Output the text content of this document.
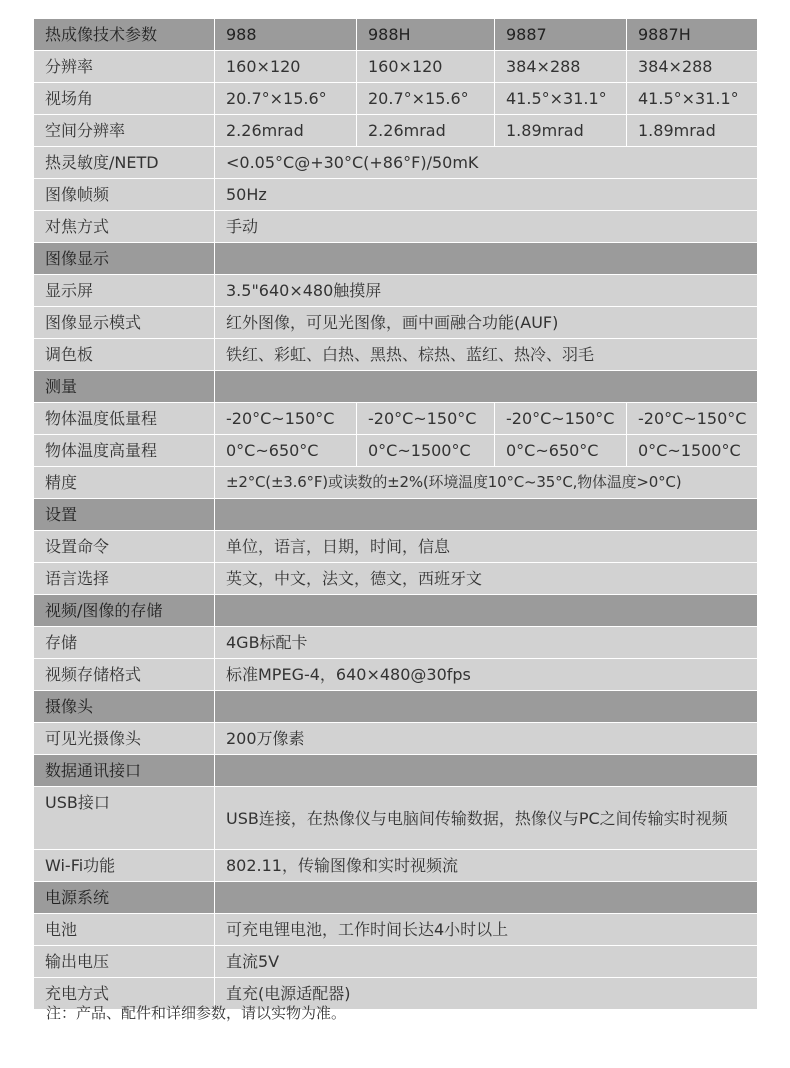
热成像技术参数	988	988H	9887	9887H
分辨率	160×120	160×120	384×288	384×288
视场角	20.7°×15.6°	20.7°×15.6°	41.5°×31.1°	41.5°×31.1°
空间分辨率	2.26mrad	2.26mrad	1.89mrad	1.89mrad
热灵敏度/NETD	<0.05°C@+30°C(+86°F)/50mK			
图像帧频	50Hz			
对焦方式	手动			
图像显示				
显示屏	3.5"640×480触摸屏			
图像显示模式	红外图像，可见光图像，画中画融合功能(AUF)			
调色板	铁红、彩虹、白热、黑热、棕热、蓝红、热冷、羽毛			
测量				
物体温度低量程	-20°C~150°C	-20°C~150°C	-20°C~150°C	-20°C~150°C
物体温度高量程	0°C~650°C	0°C~1500°C	0°C~650°C	0°C~1500°C
精度	±2°C(±3.6°F)或读数的±2%(环境温度10°C~35°C,物体温度>0°C)			
设置				
设置命令	单位，语言，日期，时间，信息			
语言选择	英文，中文，法文，德文，西班牙文			
视频/图像的存储				
存储	4GB标配卡			
视频存储格式	标准MPEG-4，640×480@30fps			
摄像头				
可见光摄像头	200万像素			
数据通讯接口				
USB接口	USB连接，在热像仪与电脑间传输数据，热像仪与PC之间传输实时视频			
Wi-Fi功能	802.11，传输图像和实时视频流			
电源系统				
电池	可充电锂电池，工作时间长达4小时以上			
输出电压	直流5V			
充电方式	直充(电源适配器)			
注：产品、配件和详细参数，请以实物为准。
